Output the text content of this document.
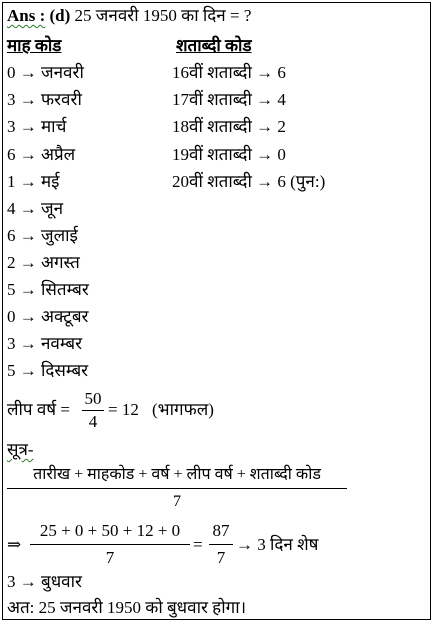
Ans : (d) 25 जनवरी 1950 का दिन = ?
माह कोड	शताब्दी कोड
0 → जनवरी
3 → फरवरी
3 → मार्च
6 → अप्रैल
1 → मई
4 → जून
6 → जुलाई
2 → अगस्त
5 → सितम्बर
0 → अक्टूबर
3 → नवम्बर
5 → दिसम्बर
16वीं शताब्दी → 6
17वीं शताब्दी → 4
18वीं शताब्दी → 2
19वीं शताब्दी → 0
20वीं शताब्दी → 6 (पुन:)
लीप वर्ष =
50
4
= 12 (भागफल)
सूत्र-
तारीख + माहकोड + वर्ष + लीप वर्ष + शताब्दी कोड
7
⇒
25 + 0 + 50 + 12 + 0
7
=
87
7
→ 3 दिन शेष
3 → बुधवार
अत: 25 जनवरी 1950 को बुधवार होगा।
